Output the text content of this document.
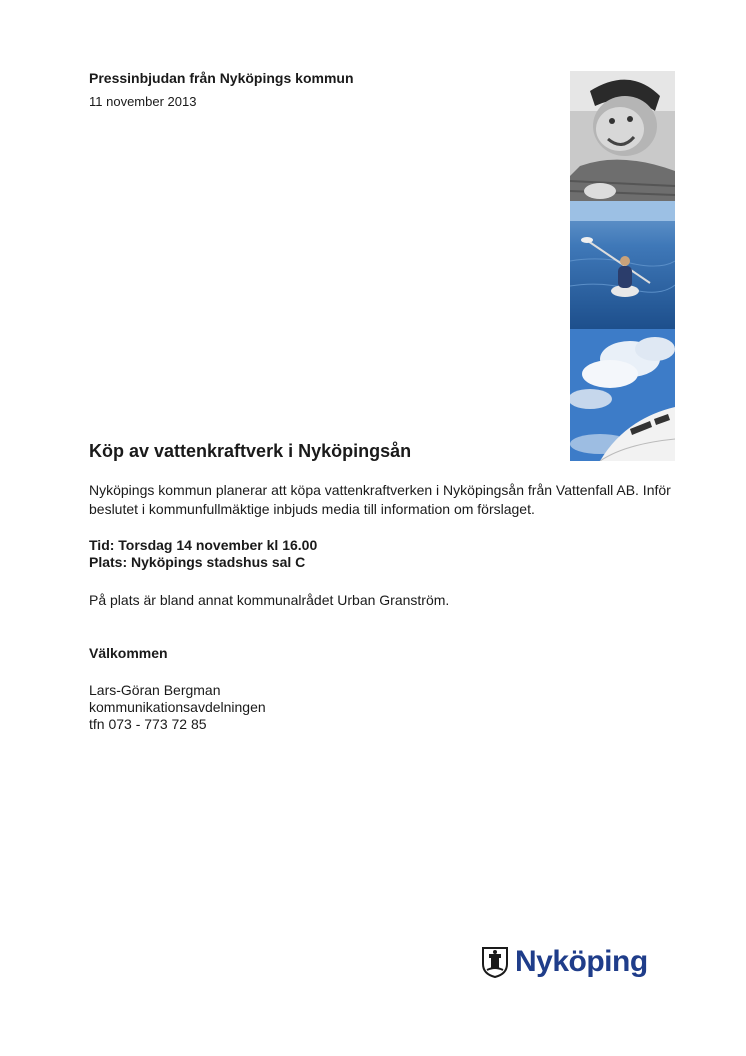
Pressinbjudan från Nyköpings kommun
11 november 2013
Köp av vattenkraftverk i Nyköpingsån
Nyköpings kommun planerar att köpa vattenkraftverken i Nyköpingsån från Vattenfall AB. Inför beslutet i kommunfullmäktige inbjuds media till information om förslaget.
Tid: Torsdag 14 november kl 16.00
Plats: Nyköpings stadshus sal C
På plats är bland annat kommunalrådet Urban Granström.
Välkommen
Lars-Göran Bergman
kommunikationsavdelningen
tfn 073 - 773 72 85
Nyköping
